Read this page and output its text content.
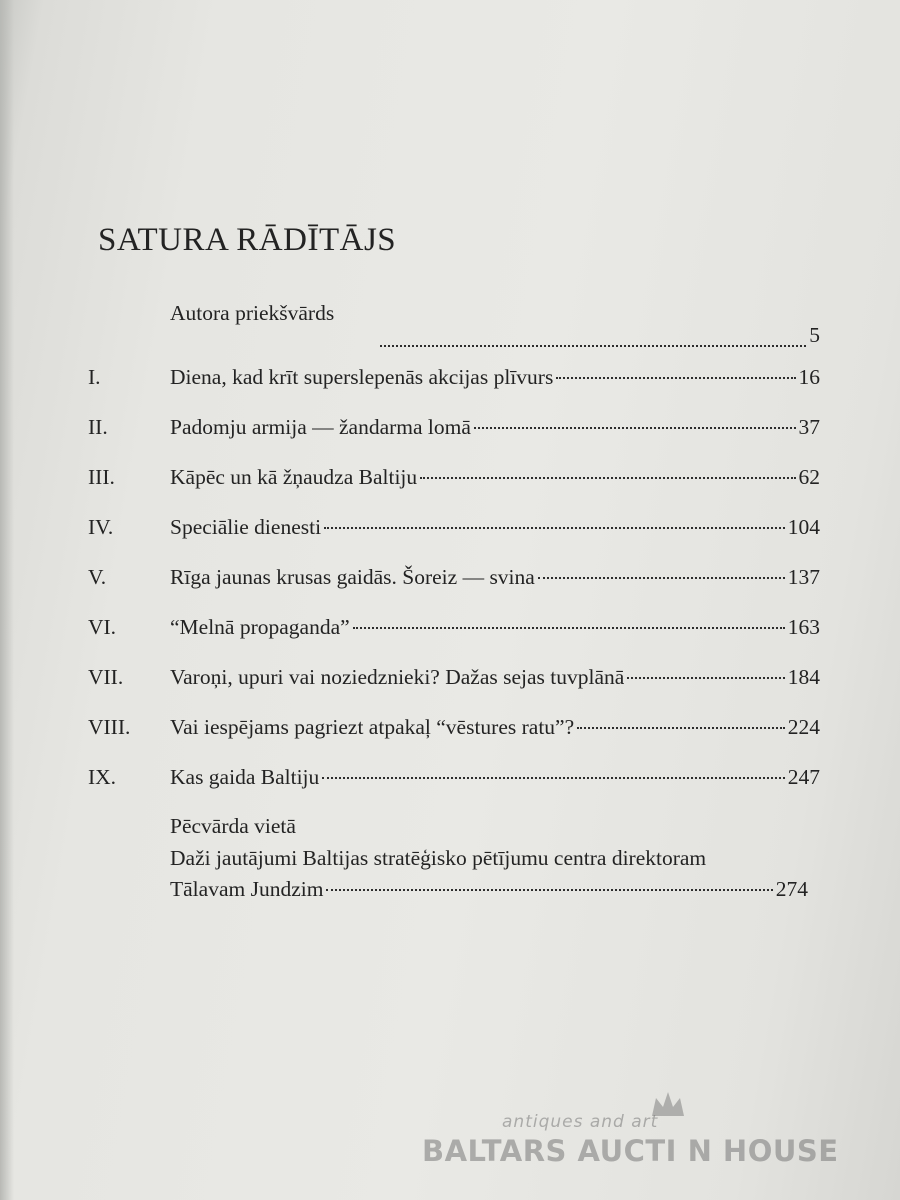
SATURA RĀDĪTĀJS
Autora priekšvārds
5
I.	Diena, kad krīt superslepenās akcijas plīvurs	16
II.	Padomju armija — žandarma lomā	37
III.	Kāpēc un kā žņaudza Baltiju	62
IV.	Speciālie dienesti	104
V.	Rīga jaunas krusas gaidās. Šoreiz — svina	137
VI.	“Melnā propaganda”	163
VII. Varoņi, upuri vai noziedznieki? Dažas sejas tuvplānā	184
VIII. Vai iespējams pagriezt atpakaļ “vēstures ratu”?	224
IX.	Kas gaida Baltiju	247
Pēcvārda vietā
Daži jautājumi Baltijas stratēģisko pētījumu centra direktoram
Tālavam Jundzim	274
antiques and art
BALTARS AUCTI N HOUSE
